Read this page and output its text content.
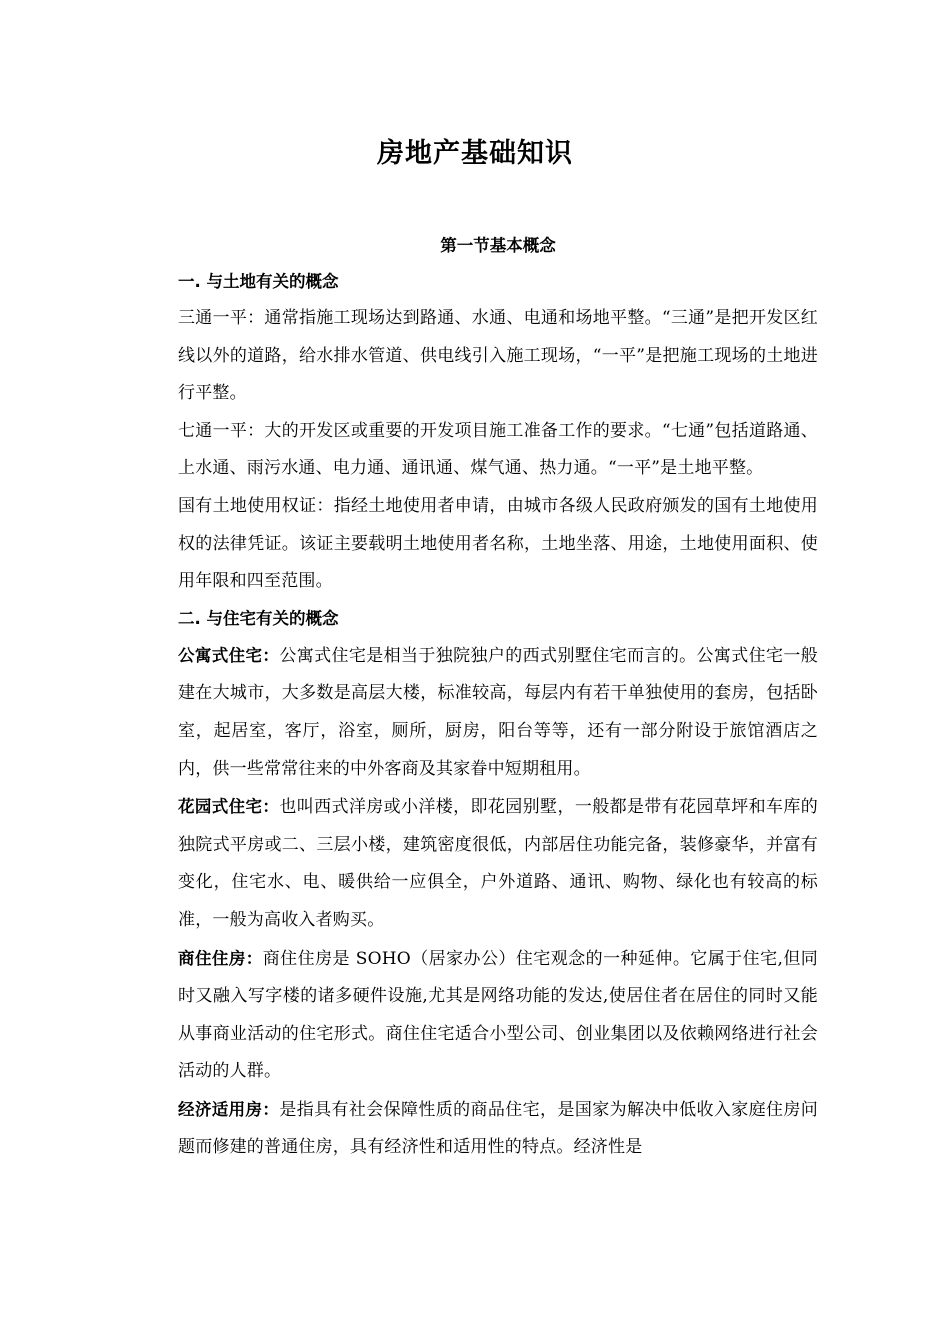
房地产基础知识

第一节基本概念

一. 与土地有关的概念

三通一平：通常指施工现场达到路通、水通、电通和场地平整。“三通”是把开发区红线以外的道路，给水排水管道、供电线引入施工现场，“一平”是把施工现场的土地进行平整。

七通一平：大的开发区或重要的开发项目施工准备工作的要求。“七通”包括道路通、上水通、雨污水通、电力通、通讯通、煤气通、热力通。“一平”是土地平整。

国有土地使用权证：指经土地使用者申请，由城市各级人民政府颁发的国有土地使用权的法律凭证。该证主要载明土地使用者名称，土地坐落、用途，土地使用面积、使用年限和四至范围。

二. 与住宅有关的概念

公寓式住宅：公寓式住宅是相当于独院独户的西式别墅住宅而言的。公寓式住宅一般建在大城市，大多数是高层大楼，标准较高，每层内有若干单独使用的套房，包括卧室，起居室，客厅，浴室，厕所，厨房，阳台等等，还有一部分附设于旅馆酒店之内，供一些常常往来的中外客商及其家眷中短期租用。

花园式住宅：也叫西式洋房或小洋楼，即花园别墅，一般都是带有花园草坪和车库的独院式平房或二、三层小楼，建筑密度很低，内部居住功能完备，装修豪华，并富有变化，住宅水、电、暖供给一应俱全，户外道路、通讯、购物、绿化也有较高的标准，一般为高收入者购买。

商住住房：商住住房是 SOHO（居家办公）住宅观念的一种延伸。它属于住宅,但同时又融入写字楼的诸多硬件设施,尤其是网络功能的发达,使居住者在居住的同时又能从事商业活动的住宅形式。商住住宅适合小型公司、创业集团以及依赖网络进行社会活动的人群。

经济适用房：是指具有社会保障性质的商品住宅，是国家为解决中低收入家庭住房问题而修建的普通住房，具有经济性和适用性的特点。经济性是
